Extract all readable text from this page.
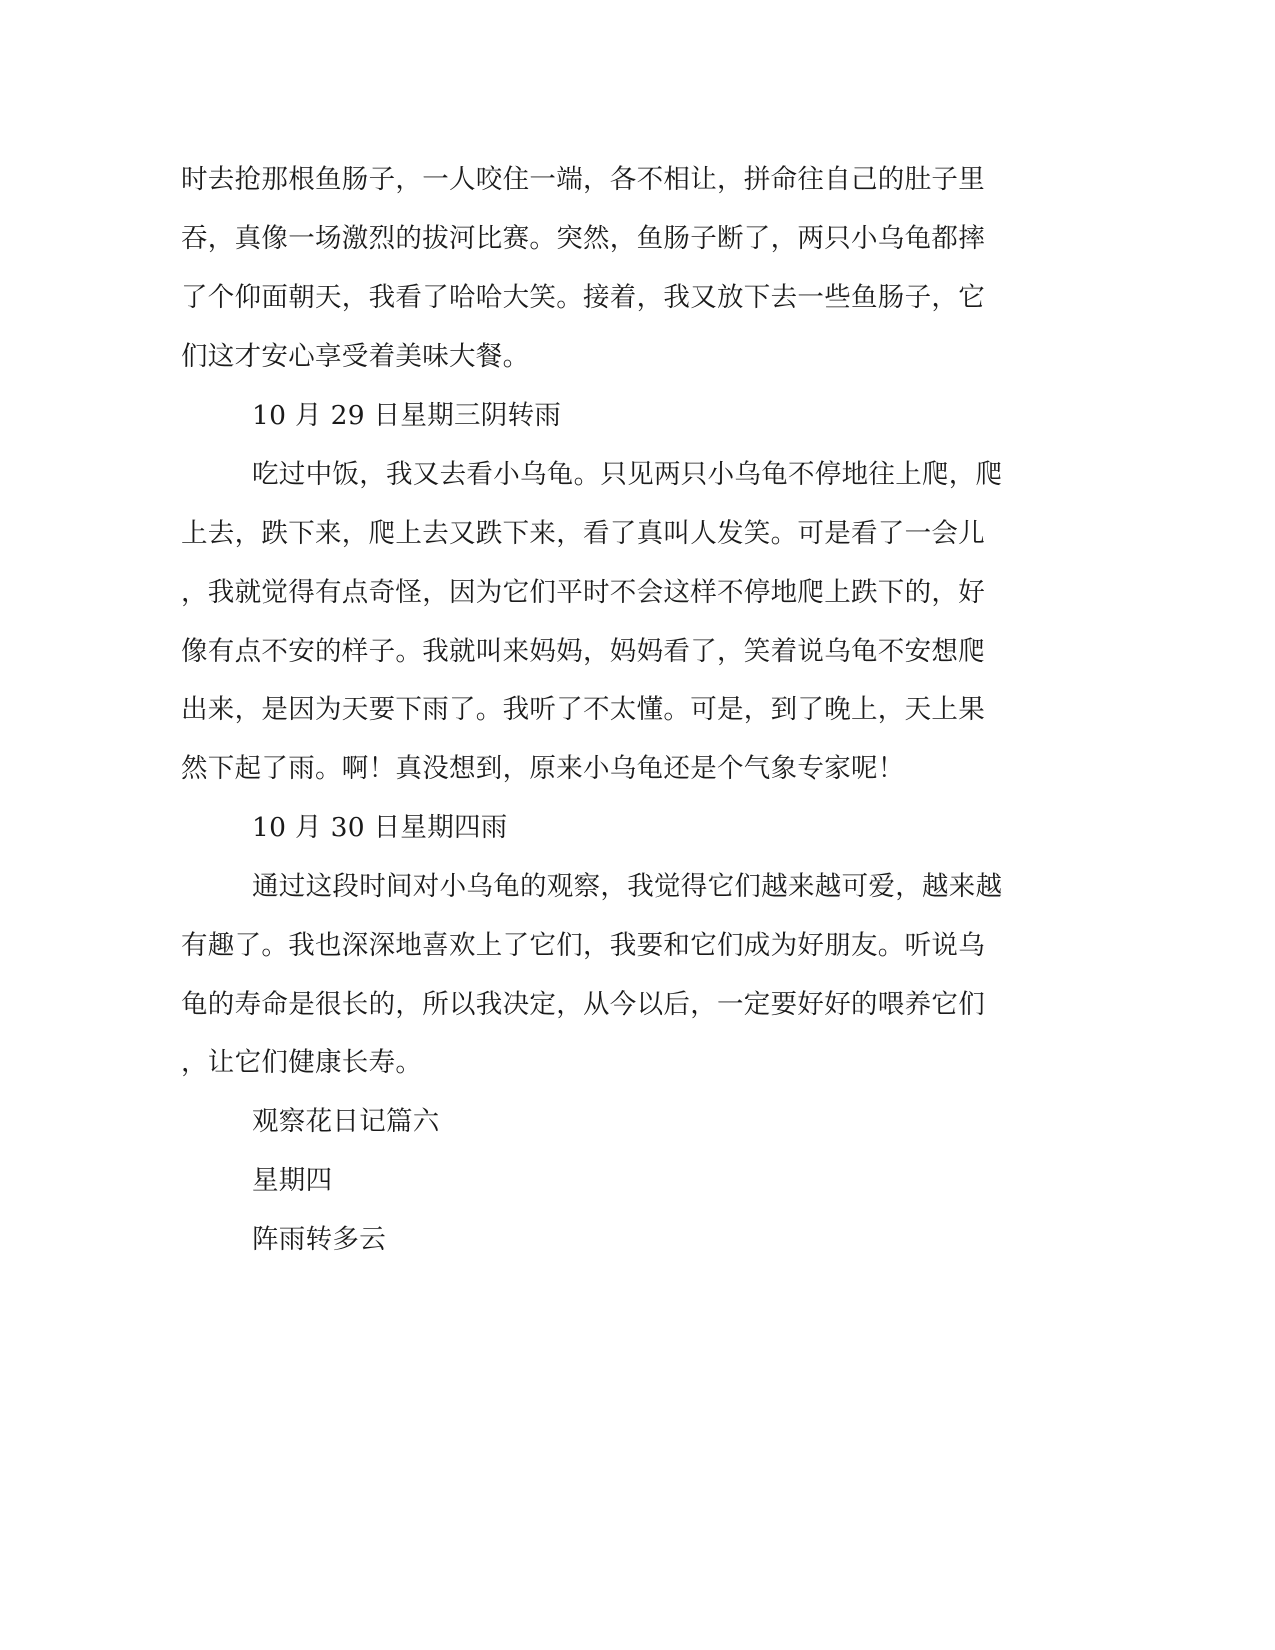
时去抢那根鱼肠子，一人咬住一端，各不相让，拼命往自己的肚子里
吞，真像一场激烈的拔河比赛。突然，鱼肠子断了，两只小乌龟都摔
了个仰面朝天，我看了哈哈大笑。接着，我又放下去一些鱼肠子，它
们这才安心享受着美味大餐。
10 月 29 日星期三阴转雨
吃过中饭，我又去看小乌龟。只见两只小乌龟不停地往上爬，爬
上去，跌下来，爬上去又跌下来，看了真叫人发笑。可是看了一会儿
，我就觉得有点奇怪，因为它们平时不会这样不停地爬上跌下的，好
像有点不安的样子。我就叫来妈妈，妈妈看了，笑着说乌龟不安想爬
出来，是因为天要下雨了。我听了不太懂。可是，到了晚上，天上果
然下起了雨。啊！真没想到，原来小乌龟还是个气象专家呢！
10 月 30 日星期四雨
通过这段时间对小乌龟的观察，我觉得它们越来越可爱，越来越
有趣了。我也深深地喜欢上了它们，我要和它们成为好朋友。听说乌
龟的寿命是很长的，所以我决定，从今以后，一定要好好的喂养它们
，让它们健康长寿。
观察花日记篇六
星期四
阵雨转多云
